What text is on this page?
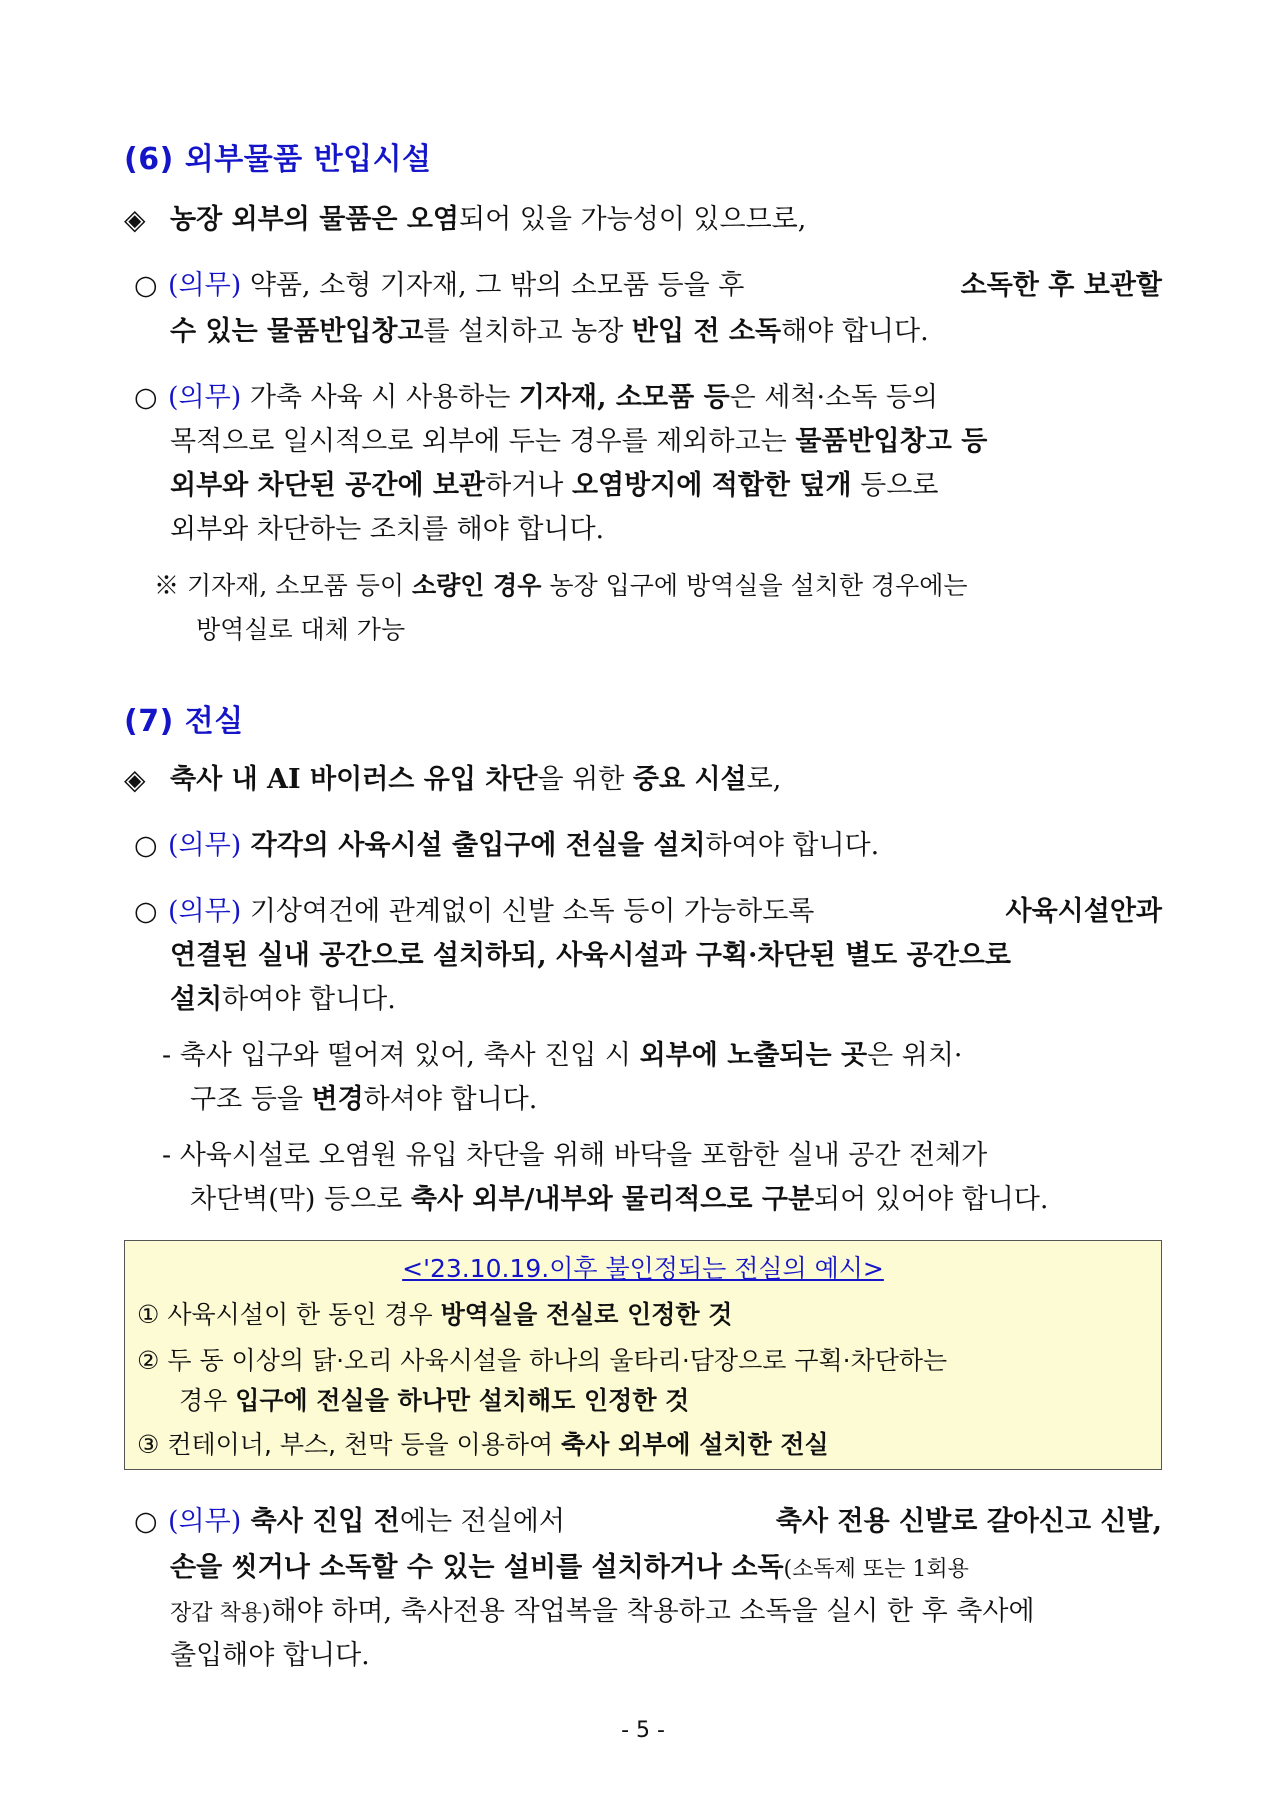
(6) 외부물품 반입시설
◈ 농장 외부의 물품은 오염되어 있을 가능성이 있으므로,
○ (의무) 약품, 소형 기자재, 그 밖의 소모품 등을 후	소독한 후 보관할
수 있는 물품반입창고를 설치하고 농장 반입 전 소독해야 합니다.
○ (의무) 가축 사육 시 사용하는 기자재, 소모품 등은 세척·소독 등의
목적으로 일시적으로 외부에 두는 경우를 제외하고는 물품반입창고 등
외부와 차단된 공간에 보관하거나 오염방지에 적합한 덮개 등으로
외부와 차단하는 조치를 해야 합니다.
※ 기자재, 소모품 등이 소량인 경우 농장 입구에 방역실을 설치한 경우에는
방역실로 대체 가능
(7) 전실
◈ 축사 내 AI 바이러스 유입 차단을 위한 중요 시설로,
○ (의무) 각각의 사육시설 출입구에 전실을 설치하여야 합니다.
○ (의무) 기상여건에 관계없이 신발 소독 등이 가능하도록	사육시설안과
연결된 실내 공간으로 설치하되, 사육시설과 구획·차단된 별도 공간으로
설치하여야 합니다.
- 축사 입구와 떨어져 있어, 축사 진입 시 외부에 노출되는 곳은 위치·
구조 등을 변경하셔야 합니다.
- 사육시설로 오염원 유입 차단을 위해 바닥을 포함한 실내 공간 전체가
차단벽(막) 등으로 축사 외부/내부와 물리적으로 구분되어 있어야 합니다.
<'23.10.19.이후 불인정되는 전실의 예시>
① 사육시설이 한 동인 경우 방역실을 전실로 인정한 것
② 두 동 이상의 닭·오리 사육시설을 하나의 울타리·담장으로 구획·차단하는
경우 입구에 전실을 하나만 설치해도 인정한 것
③ 컨테이너, 부스, 천막 등을 이용하여 축사 외부에 설치한 전실
○ (의무) 축사 진입 전에는 전실에서	축사 전용 신발로 갈아신고 신발,
손을 씻거나 소독할 수 있는 설비를 설치하거나 소독(소독제 또는 1회용
장갑 착용)해야 하며, 축사전용 작업복을 착용하고 소독을 실시 한 후 축사에
출입해야 합니다.
- 5 -
